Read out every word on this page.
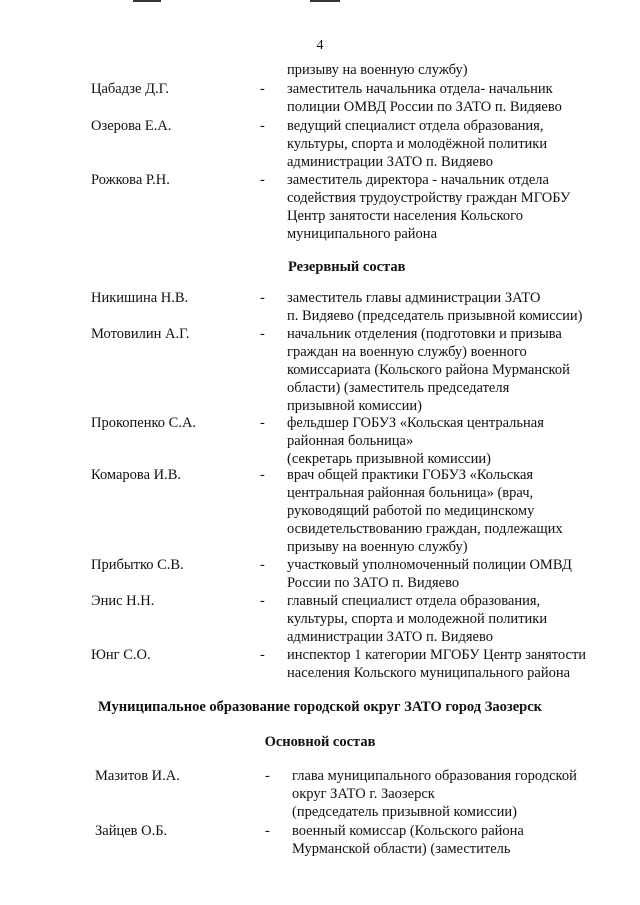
4
призыву на военную службу)
Цабадзе Д.Г.	- заместитель начальника отдела- начальник
полиции ОМВД России по ЗАТО п. Видяево
Озерова Е.А.	- ведущий специалист отдела образования,
культуры, спорта и молодёжной политики
администрации ЗАТО п. Видяево
Рожкова Р.Н.	- заместитель директора - начальник отдела
содействия трудоустройству граждан МГОБУ
Центр занятости населения Кольского
муниципального района
Резервный состав
Никишина Н.В.	- заместитель главы администрации ЗАТО
п. Видяево (председатель призывной комиссии)
Мотовилин А.Г.	- начальник отделения (подготовки и призыва
граждан на военную службу) военного
комиссариата (Кольского района Мурманской
области) (заместитель председателя
призывной комиссии)
Прокопенко С.А.	- фельдшер ГОБУЗ «Кольская центральная
районная больница»
(секретарь призывной комиссии)
Комарова И.В.	- врач общей практики ГОБУЗ «Кольская
центральная районная больница» (врач,
руководящий работой по медицинскому
освидетельствованию граждан, подлежащих
призыву на военную службу)
Прибытко С.В.	- участковый уполномоченный полиции ОМВД
России по ЗАТО п. Видяево
Энис Н.Н.	- главный специалист отдела образования,
культуры, спорта и молодежной политики
администрации ЗАТО п. Видяево
Юнг С.О.	- инспектор 1 категории МГОБУ Центр занятости
населения Кольского муниципального района
Муниципальное образование городской округ ЗАТО город Заозерск
Основной состав
Мазитов И.А.	- глава муниципального образования городской
округ ЗАТО г. Заозерск
(председатель призывной комиссии)
Зайцев О.Б.	- военный комиссар (Кольского района
Мурманской области) (заместитель
